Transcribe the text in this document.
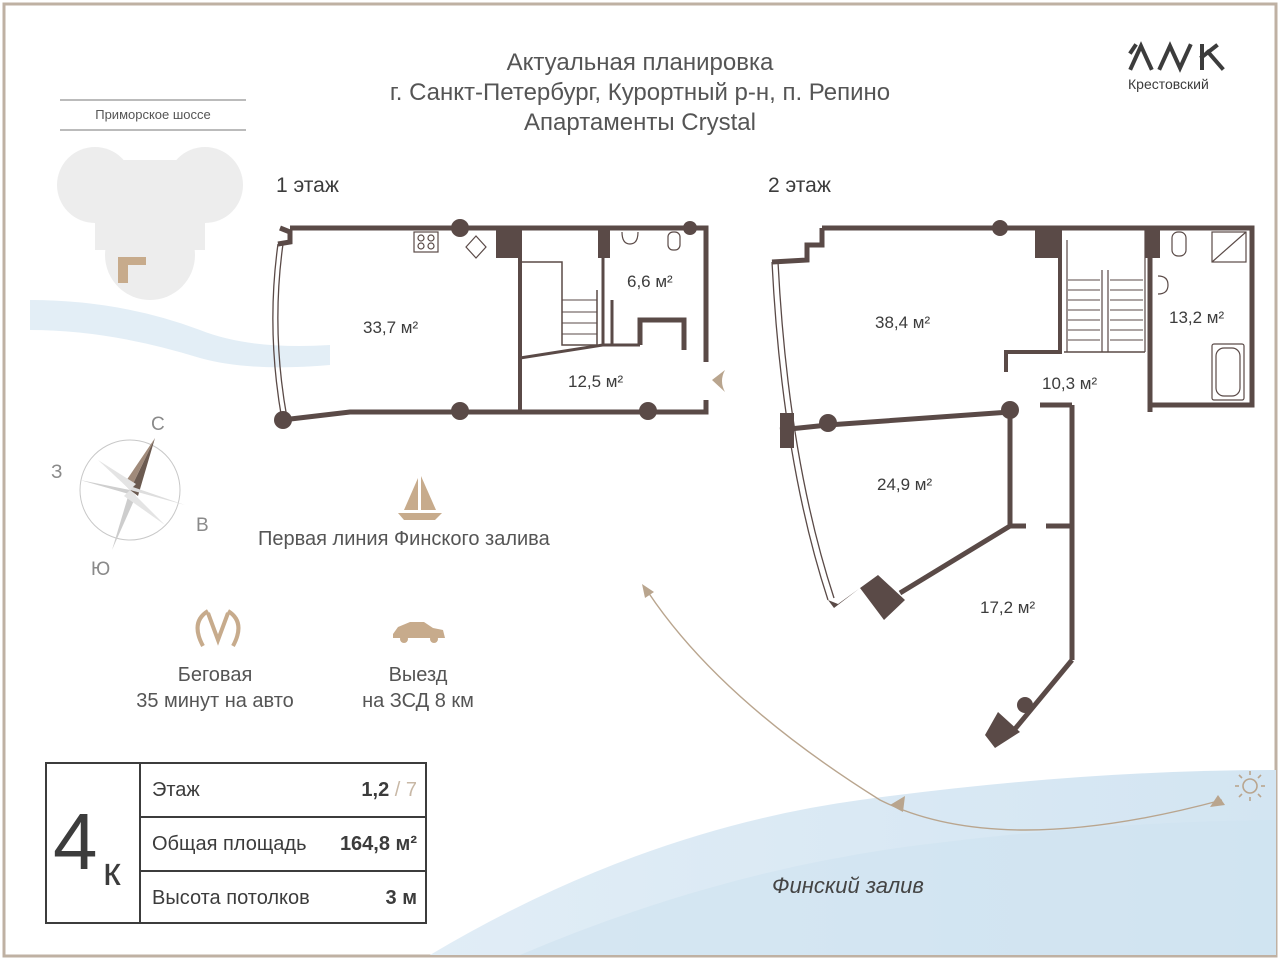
Актуальная планировка
г. Санкт-Петербург, Курортный р-н, п. Репино
Апартаменты Crystal
Крестовский
Приморское шоссе
1 этаж	2 этаж
33,7 м²
6,6 м²
12,5 м²
38,4 м²	13,2 м²
10,3 м²
24,9 м²
17,2 м²
С
З
В
Ю
Первая линия Финского залива
Беговая
35 минут на авто
Выезд
на ЗСД 8 км
Финский залив
4 к
Этаж	1,2 / 7
Общая площадь 164,8 м²
Высота потолков	3 м
